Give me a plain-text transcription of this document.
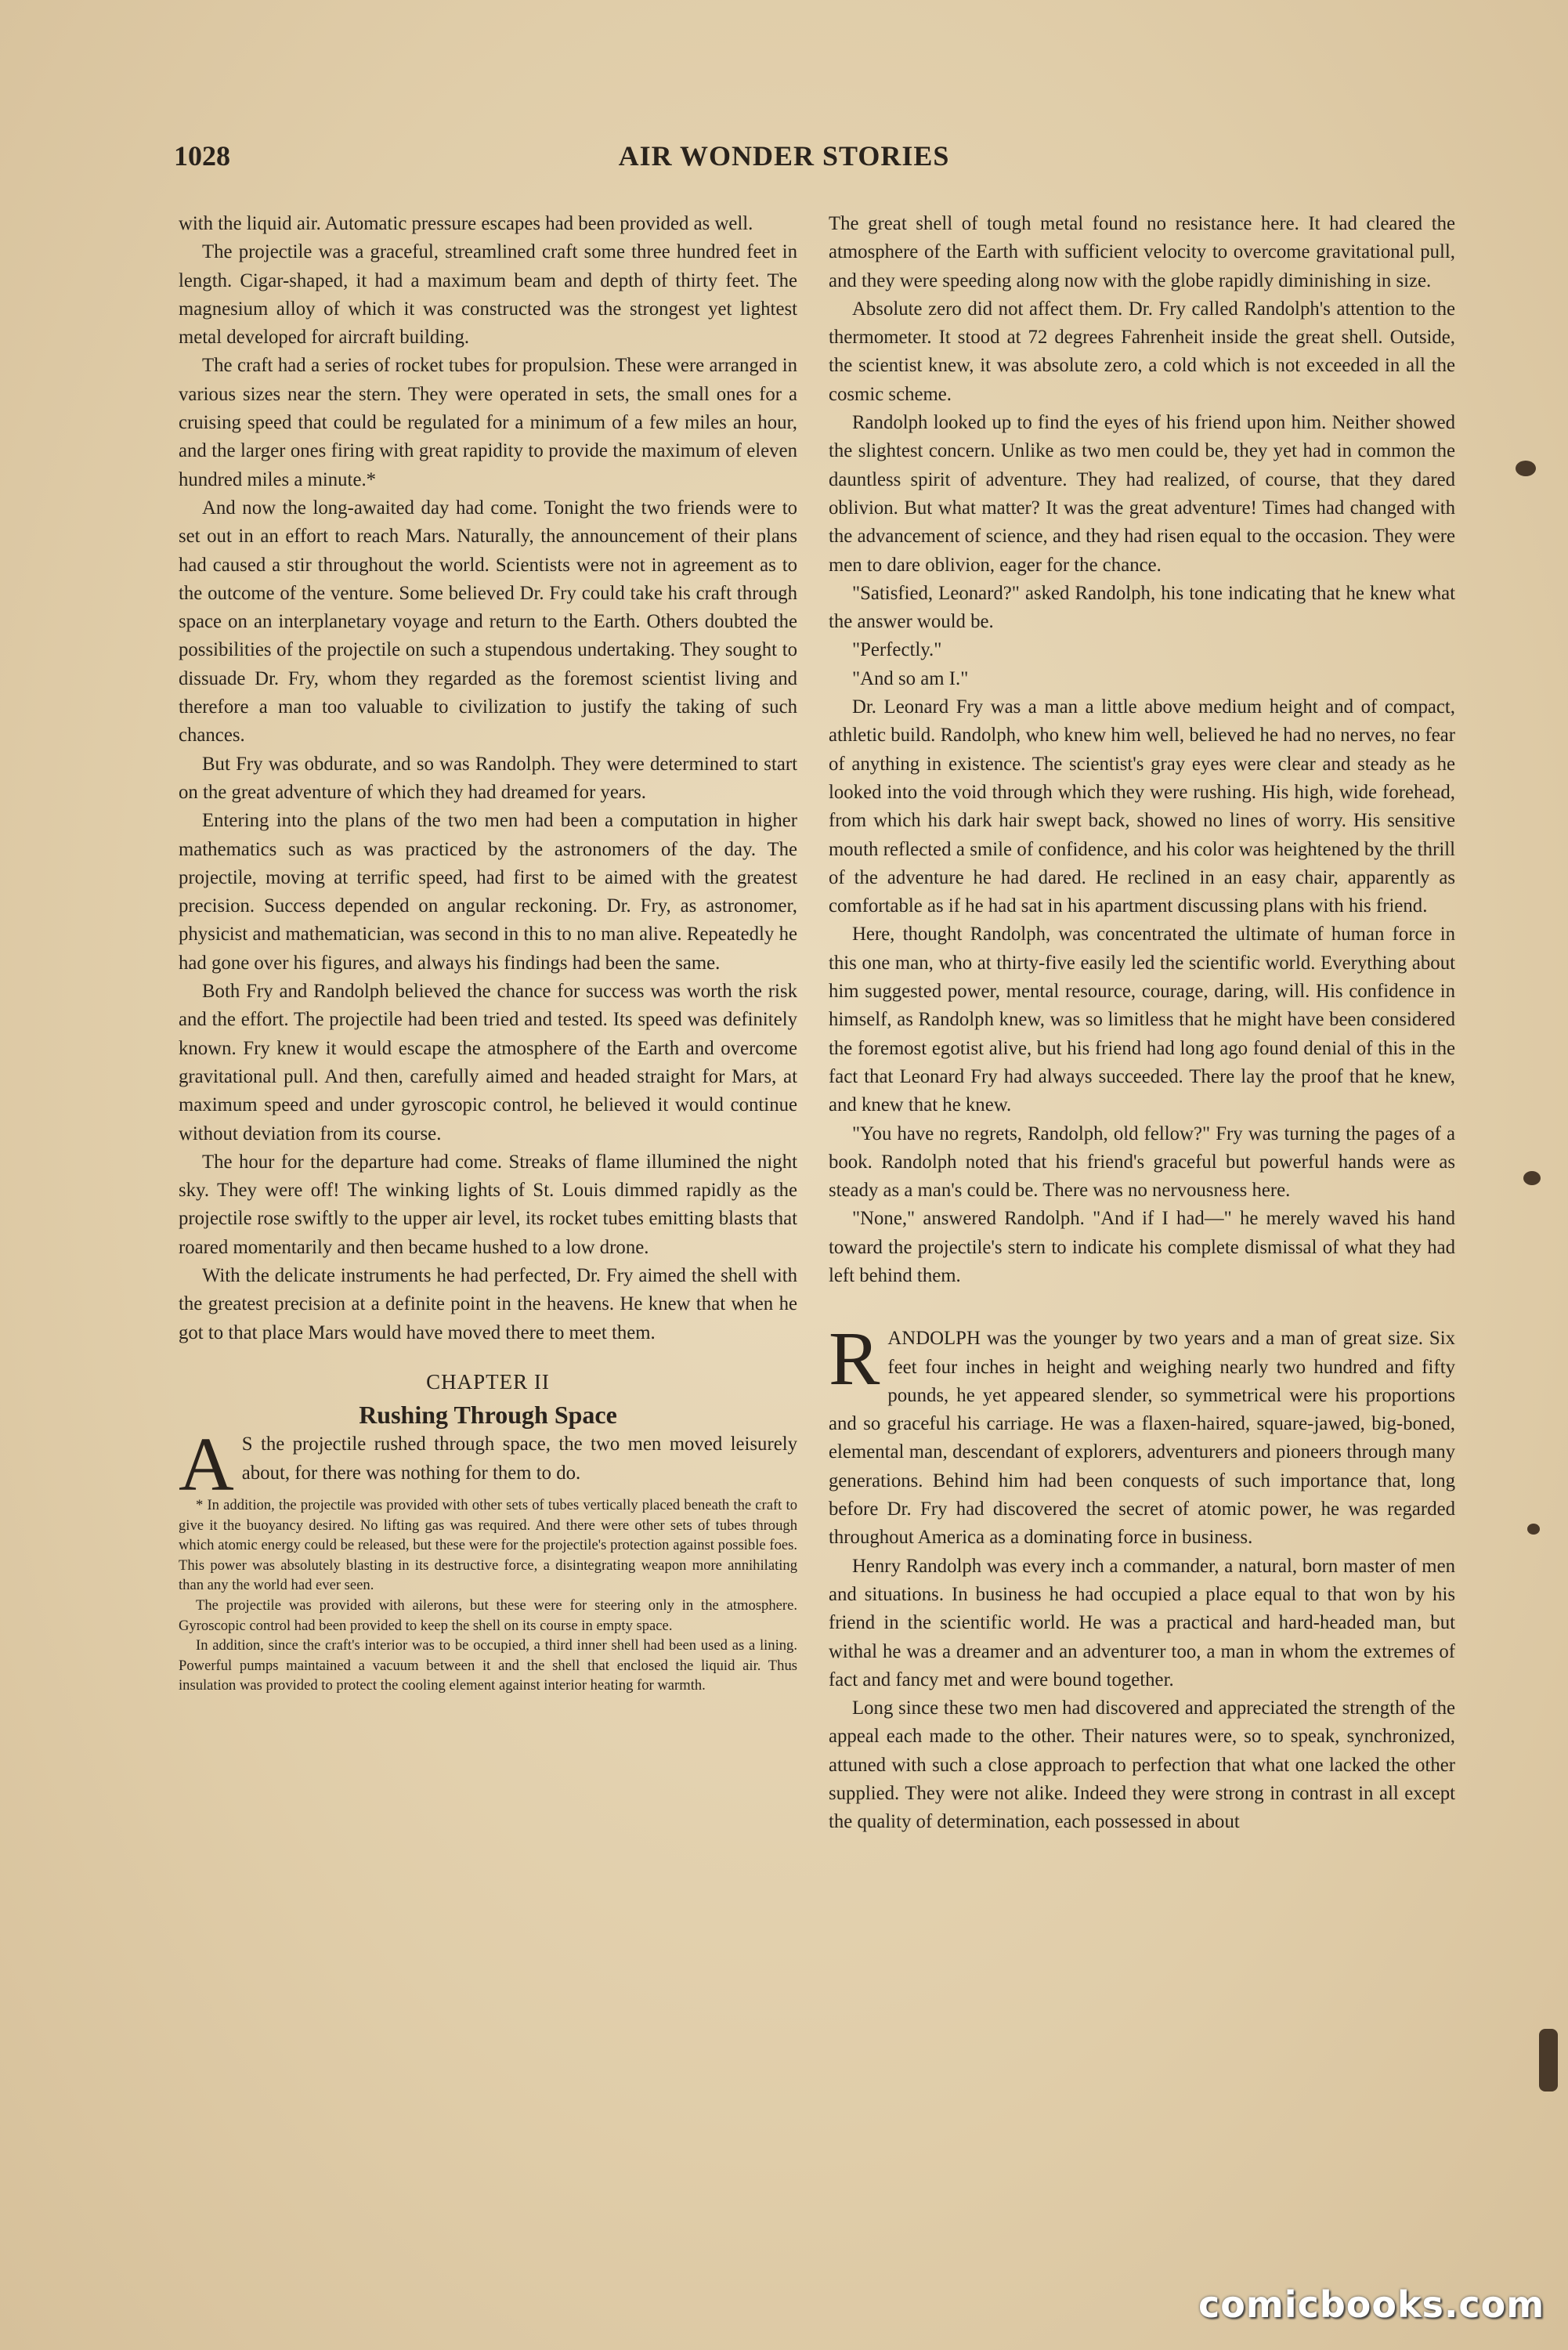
AIR WONDER STORIES
1028

with the liquid air. Automatic pressure escapes had been provided as well.

The projectile was a graceful, streamlined craft some three hundred feet in length. Cigar-shaped, it had a maximum beam and depth of thirty feet. The magnesium alloy of which it was constructed was the strongest yet lightest metal developed for aircraft building.

The craft had a series of rocket tubes for propulsion. These were arranged in various sizes near the stern. They were operated in sets, the small ones for a cruising speed that could be regulated for a minimum of a few miles an hour, and the larger ones firing with great rapidity to provide the maximum of eleven hundred miles a minute.*

And now the long-awaited day had come. Tonight the two friends were to set out in an effort to reach Mars. Naturally, the announcement of their plans had caused a stir throughout the world. Scientists were not in agreement as to the outcome of the venture. Some believed Dr. Fry could take his craft through space on an interplanetary voyage and return to the Earth. Others doubted the possibilities of the projectile on such a stupendous undertaking. They sought to dissuade Dr. Fry, whom they regarded as the foremost scientist living and therefore a man too valuable to civilization to justify the taking of such chances.

But Fry was obdurate, and so was Randolph. They were determined to start on the great adventure of which they had dreamed for years.

Entering into the plans of the two men had been a computation in higher mathematics such as was practiced by the astronomers of the day. The projectile, moving at terrific speed, had first to be aimed with the greatest precision. Success depended on angular reckoning. Dr. Fry, as astronomer, physicist and mathematician, was second in this to no man alive. Repeatedly he had gone over his figures, and always his findings had been the same.

Both Fry and Randolph believed the chance for success was worth the risk and the effort. The projectile had been tried and tested. Its speed was definitely known. Fry knew it would escape the atmosphere of the Earth and overcome gravitational pull. And then, carefully aimed and headed straight for Mars, at maximum speed and under gyroscopic control, he believed it would continue without deviation from its course.

The hour for the departure had come. Streaks of flame illumined the night sky. They were off! The winking lights of St. Louis dimmed rapidly as the projectile rose swiftly to the upper air level, its rocket tubes emitting blasts that roared momentarily and then became hushed to a low drone.

With the delicate instruments he had perfected, Dr. Fry aimed the shell with the greatest precision at a definite point in the heavens. He knew that when he got to that place Mars would have moved there to meet them.

CHAPTER II
Rushing Through Space

A S the projectile rushed through space, the two men moved leisurely about, for there was nothing for them to do.

* In addition, the projectile was provided with other sets of tubes vertically placed beneath the craft to give it the buoyancy desired. No lifting gas was required. And there were other sets of tubes through which atomic energy could be released, but these were for the projectile's protection against possible foes. This power was absolutely blasting in its destructive force, a disintegrating weapon more annihilating than any the world had ever seen.

The projectile was provided with ailerons, but these were for steering only in the atmosphere. Gyroscopic control had been provided to keep the shell on its course in empty space.

In addition, since the craft's interior was to be occupied, a third inner shell had been used as a lining. Powerful pumps maintained a vacuum between it and the shell that enclosed the liquid air. Thus insulation was provided to protect the cooling element against interior heating for warmth.

The great shell of tough metal found no resistance here. It had cleared the atmosphere of the Earth with sufficient velocity to overcome gravitational pull, and they were speeding along now with the globe rapidly diminishing in size.

Absolute zero did not affect them. Dr. Fry called Randolph's attention to the thermometer. It stood at 72 degrees Fahrenheit inside the great shell. Outside, the scientist knew, it was absolute zero, a cold which is not exceeded in all the cosmic scheme.

Randolph looked up to find the eyes of his friend upon him. Neither showed the slightest concern. Unlike as two men could be, they yet had in common the dauntless spirit of adventure. They had realized, of course, that they dared oblivion. But what matter? It was the great adventure! Times had changed with the advancement of science, and they had risen equal to the occasion. They were men to dare oblivion, eager for the chance.

"Satisfied, Leonard?" asked Randolph, his tone indicating that he knew what the answer would be.

"Perfectly."

"And so am I."

Dr. Leonard Fry was a man a little above medium height and of compact, athletic build. Randolph, who knew him well, believed he had no nerves, no fear of anything in existence. The scientist's gray eyes were clear and steady as he looked into the void through which they were rushing. His high, wide forehead, from which his dark hair swept back, showed no lines of worry. His sensitive mouth reflected a smile of confidence, and his color was heightened by the thrill of the adventure he had dared. He reclined in an easy chair, apparently as comfortable as if he had sat in his apartment discussing plans with his friend.

Here, thought Randolph, was concentrated the ultimate of human force in this one man, who at thirty-five easily led the scientific world. Everything about him suggested power, mental resource, courage, daring, will. His confidence in himself, as Randolph knew, was so limitless that he might have been considered the foremost egotist alive, but his friend had long ago found denial of this in the fact that Leonard Fry had always succeeded. There lay the proof that he knew, and knew that he knew.

"You have no regrets, Randolph, old fellow?" Fry was turning the pages of a book. Randolph noted that his friend's graceful but powerful hands were as steady as a man's could be. There was no nervousness here.

"None," answered Randolph. "And if I had—" he merely waved his hand toward the projectile's stern to indicate his complete dismissal of what they had left behind them.

RANDOLPH was the younger by two years and a man of great size. Six feet four inches in height and weighing nearly two hundred and fifty pounds, he yet appeared slender, so symmetrical were his proportions and so graceful his carriage. He was a flaxen-haired, square-jawed, big-boned, elemental man, descendant of explorers, adventurers and pioneers through many generations. Behind him had been conquests of such importance that, long before Dr. Fry had discovered the secret of atomic power, he was regarded throughout America as a dominating force in business.

Henry Randolph was every inch a commander, a natural, born master of men and situations. In business he had occupied a place equal to that won by his friend in the scientific world. He was a practical and hard-headed man, but withal he was a dreamer and an adventurer too, a man in whom the extremes of fact and fancy met and were bound together.

Long since these two men had discovered and appreciated the strength of the appeal each made to the other. Their natures were, so to speak, synchronized, attuned with such a close approach to perfection that what one lacked the other supplied. They were not alike. Indeed they were strong in contrast in all except the quality of determination, each possessed in about

comicbooks.com
